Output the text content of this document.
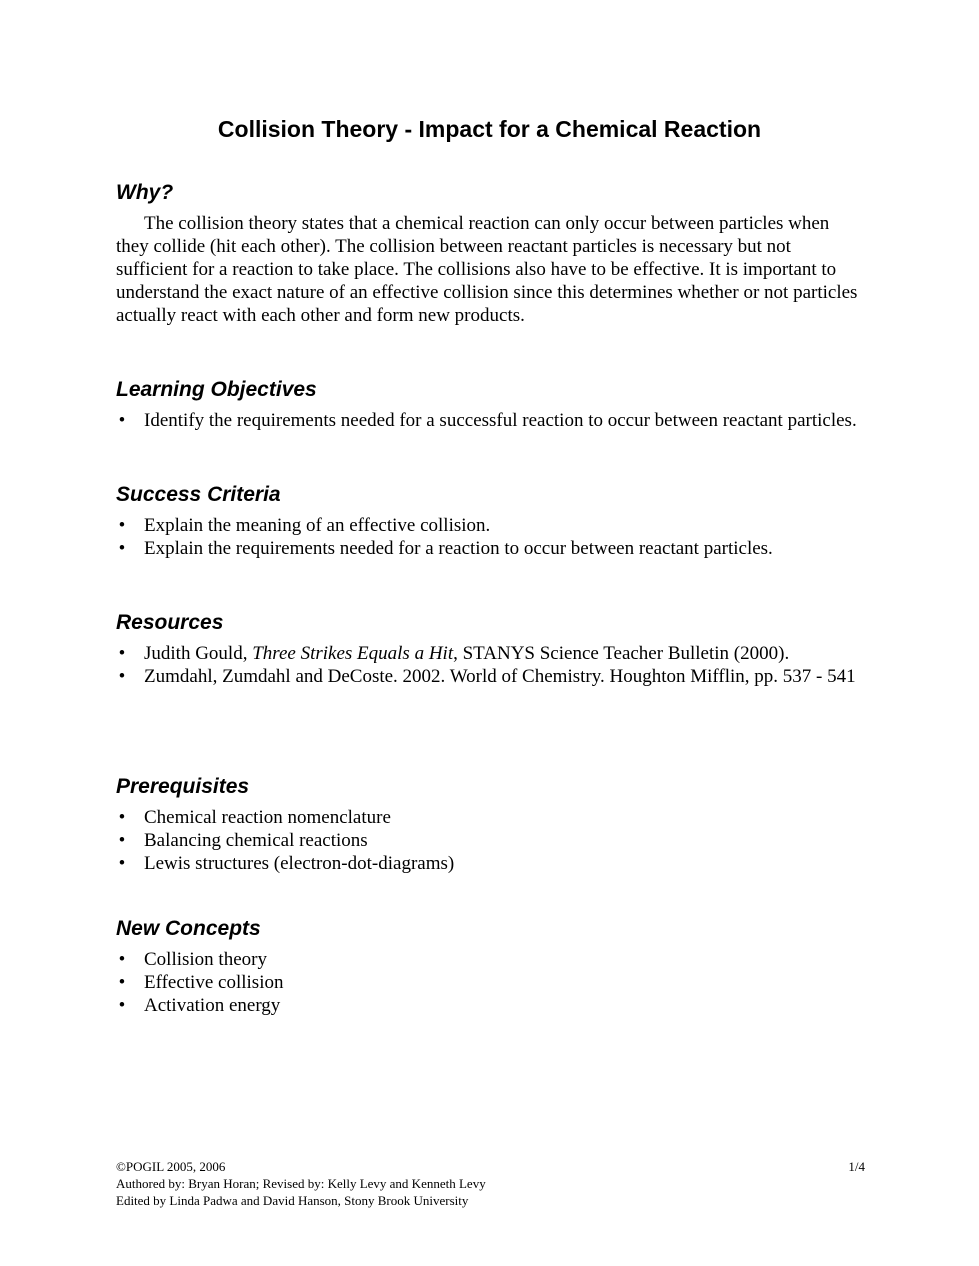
Collision Theory - Impact for a Chemical Reaction
Why?

The collision theory states that a chemical reaction can only occur between particles when they collide (hit each other). The collision between reactant particles is necessary but not sufficient for a reaction to take place. The collisions also have to be effective. It is important to understand the exact nature of an effective collision since this determines whether or not particles actually react with each other and form new products.

Learning Objectives
• Identify the requirements needed for a successful reaction to occur between reactant particles.
Success Criteria
• Explain the meaning of an effective collision.
• Explain the requirements needed for a reaction to occur between reactant particles.
Resources
• Judith Gould, Three Strikes Equals a Hit, STANYS Science Teacher Bulletin (2000).
• Zumdahl, Zumdahl and DeCoste. 2002. World of Chemistry. Houghton Mifflin, pp. 537 - 541
Prerequisites
• Chemical reaction nomenclature
• Balancing chemical reactions
• Lewis structures (electron-dot-diagrams)
New Concepts
• Collision theory
• Effective collision
• Activation energy
©POGIL 2005, 2006	1/4
Authored by: Bryan Horan; Revised by: Kelly Levy and Kenneth Levy
Edited by Linda Padwa and David Hanson, Stony Brook University
